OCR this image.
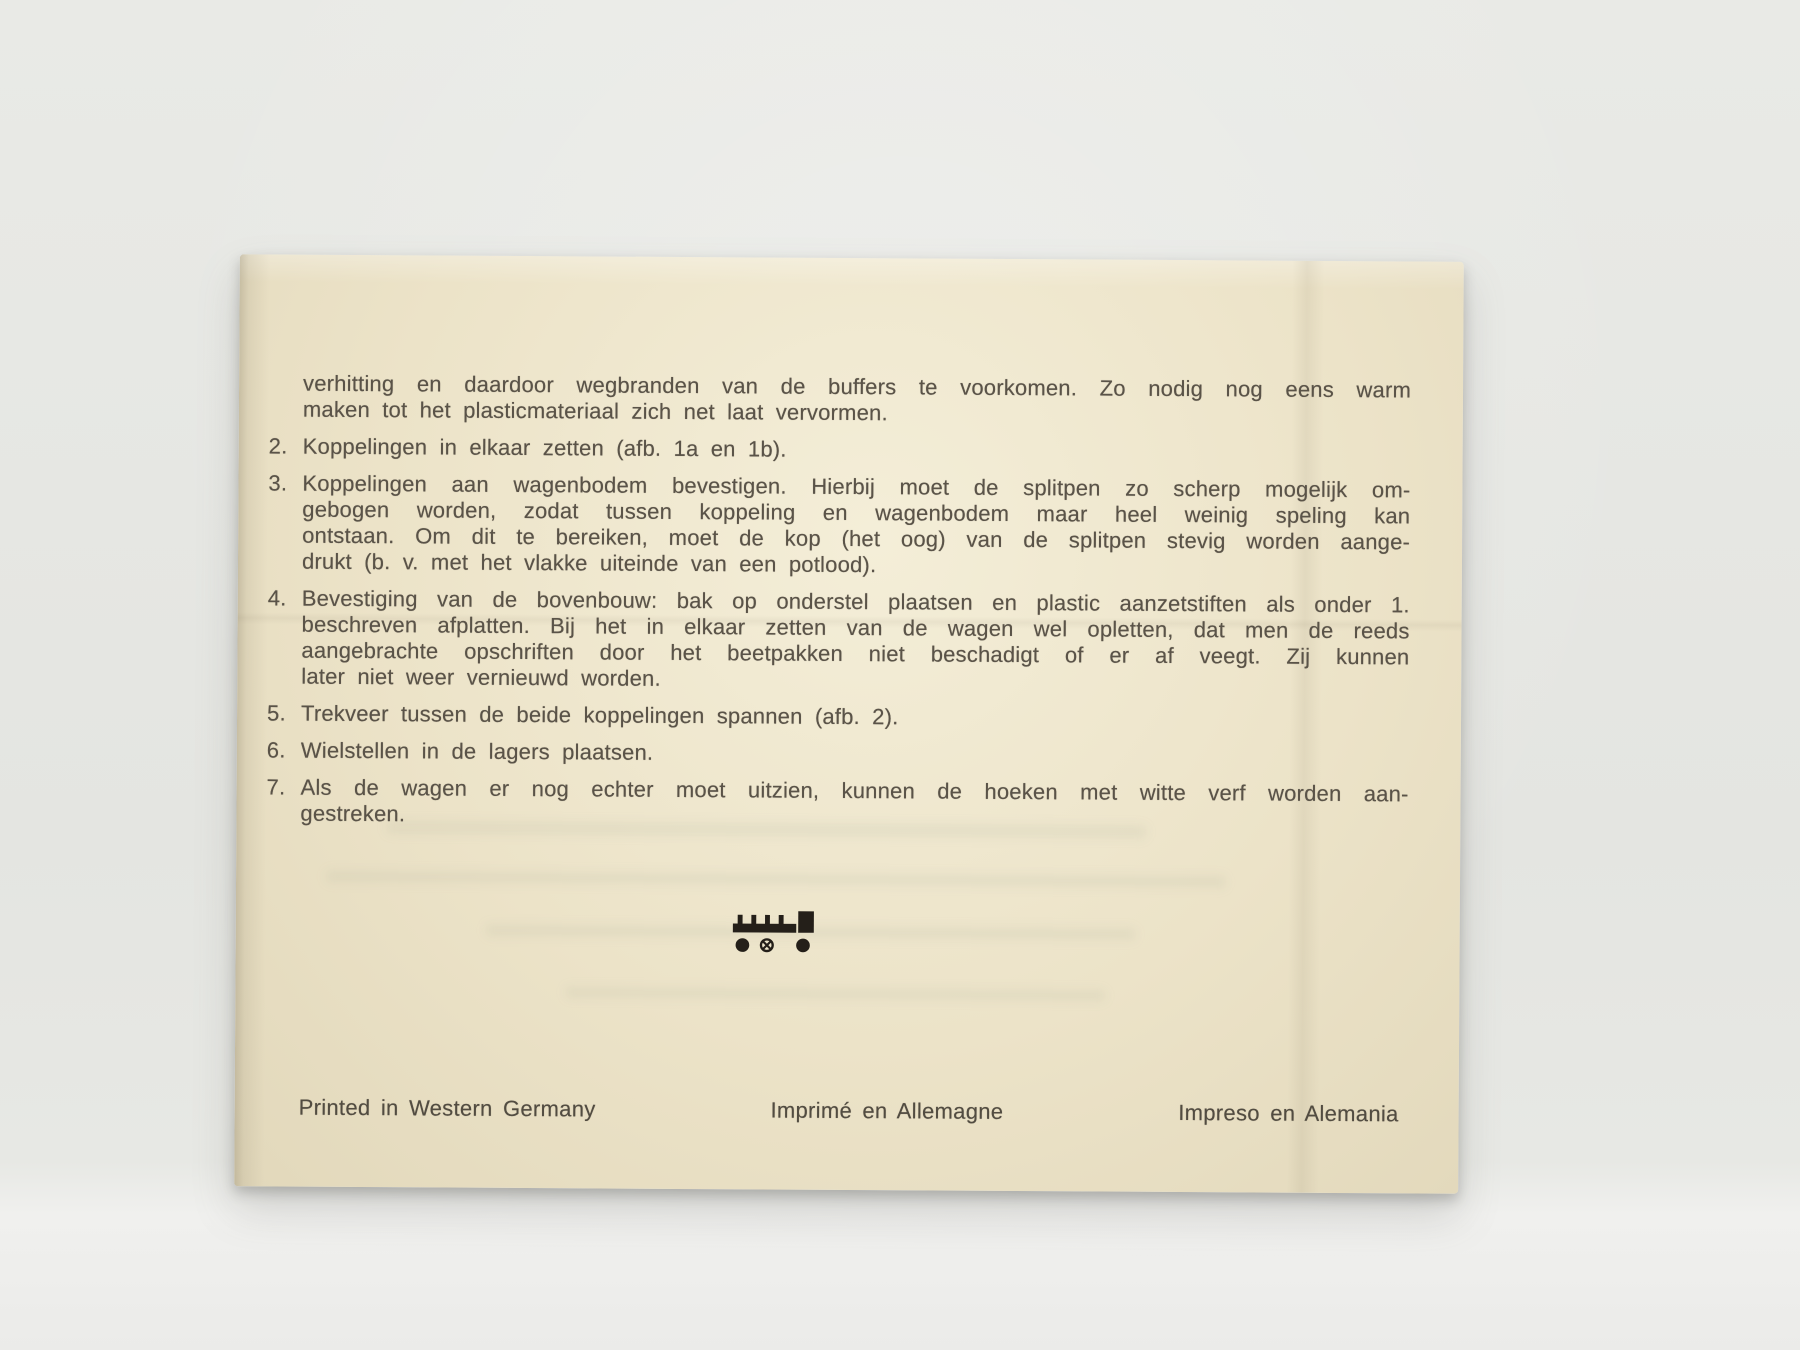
verhitting en daardoor wegbranden van de buffers te voorkomen. Zo nodig nog eens warm
maken tot het plasticmateriaal zich net laat vervormen.
2. Koppelingen in elkaar zetten (afb. 1a en 1b).
3. Koppelingen aan wagenbodem bevestigen. Hierbij moet de splitpen zo scherp mogelijk om-
gebogen worden, zodat tussen koppeling en wagenbodem maar heel weinig speling kan
ontstaan. Om dit te bereiken, moet de kop (het oog) van de splitpen stevig worden aange-
drukt (b. v. met het vlakke uiteinde van een potlood).
4. Bevestiging van de bovenbouw: bak op onderstel plaatsen en plastic aanzetstiften als onder 1.
beschreven afplatten. Bij het in elkaar zetten van de wagen wel opletten, dat men de reeds
aangebrachte opschriften door het beetpakken niet beschadigt of er af veegt. Zij kunnen
later niet weer vernieuwd worden.
5. Trekveer tussen de beide koppelingen spannen (afb. 2).
6. Wielstellen in de lagers plaatsen.
7. Als de wagen er nog echter moet uitzien, kunnen de hoeken met witte verf worden aan-
gestreken.
Printed in Western Germany	Imprimé en Allemagne	Impreso en Alemania
